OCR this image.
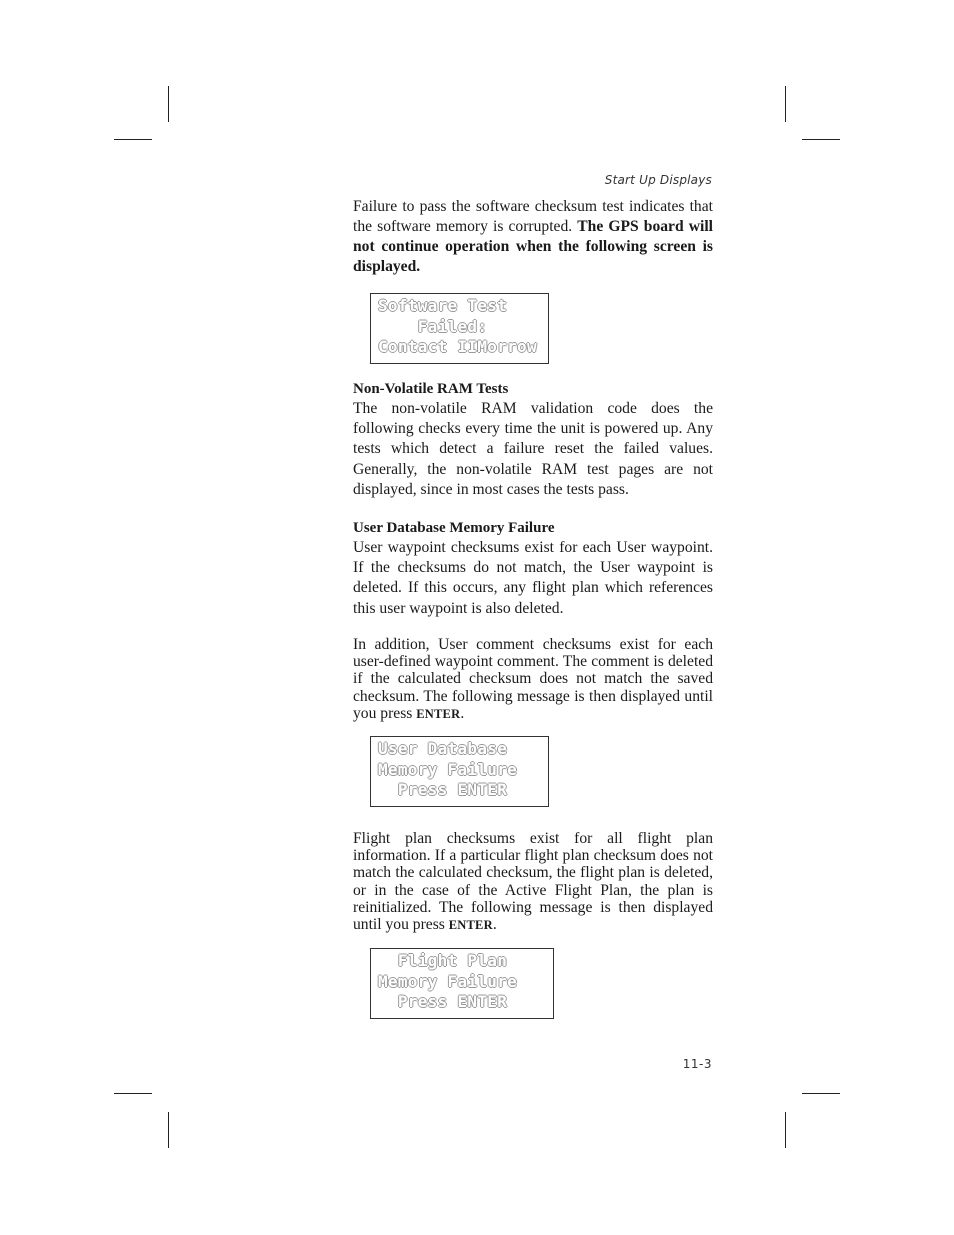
Start Up Displays

Failure to pass the software checksum test indicates that the software memory is corrupted. The GPS board will not continue operation when the following screen is displayed.

Software Test
Failed:
Contact IIMorrow

Non-Volatile RAM Tests

The non-volatile RAM validation code does the following checks every time the unit is powered up. Any tests which detect a failure reset the failed values. Generally, the non-volatile RAM test pages are not displayed, since in most cases the tests pass.

User Database Memory Failure

User waypoint checksums exist for each User waypoint. If the checksums do not match, the User waypoint is deleted. If this occurs, any flight plan which references this user waypoint is also deleted.

In addition, User comment checksums exist for each user-defined waypoint comment. The comment is deleted if the calculated checksum does not match the saved checksum. The following message is then displayed until you press ENTER.

User Database
Memory Failure
Press ENTER

Flight plan checksums exist for all flight plan information. If a particular flight plan checksum does not match the calculated checksum, the flight plan is deleted, or in the case of the Active Flight Plan, the plan is reinitialized. The following message is then displayed until you press ENTER.

Flight Plan
Memory Failure
Press ENTER
11-3
